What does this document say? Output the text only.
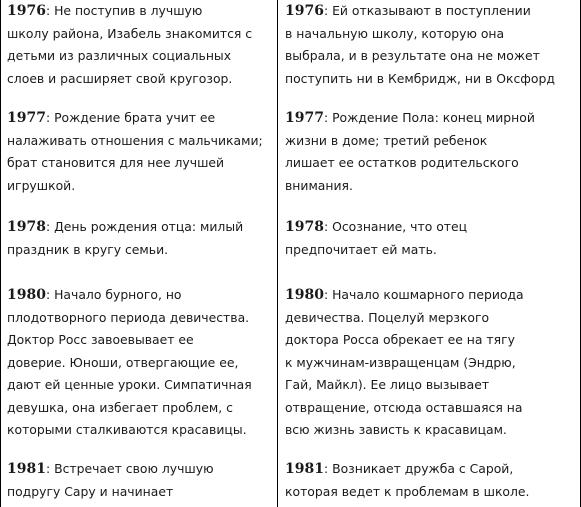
1976: Не поступив в лучшую
школу района, Изабель знакомится с
детьми из различных социальных
слоев и расширяет свой кругозор.
1977: Рождение брата учит ее
налаживать отношения с мальчиками;
брат становится для нее лучшей
игрушкой.
1978: День рождения отца: милый
праздник в кругу семьи.
1980: Начало бурного, но
плодотворного периода девичества.
Доктор Росс завоевывает ее
доверие. Юноши, отвергающие ее,
дают ей ценные уроки. Симпатичная
девушка, она избегает проблем, с
которыми сталкиваются красавицы.
1981: Встречает свою лучшую
подругу Сару и начинает
1976: Ей отказывают в поступлении
в начальную школу, которую она
выбрала, и в результате она не может
поступить ни в Кембридж, ни в Оксфорд
1977: Рождение Пола: конец мирной
жизни в доме; третий ребенок
лишает ее остатков родительского
внимания.
1978: Осознание, что отец
предпочитает ей мать.
1980: Начало кошмарного периода
девичества. Поцелуй мерзкого
доктора Росса обрекает ее на тягу
к мужчинам-извращенцам (Эндрю,
Гай, Майкл). Ее лицо вызывает
отвращение, отсюда оставшаяся на
всю жизнь зависть к красавицам.
1981: Возникает дружба с Сарой,
которая ведет к проблемам в школе.
